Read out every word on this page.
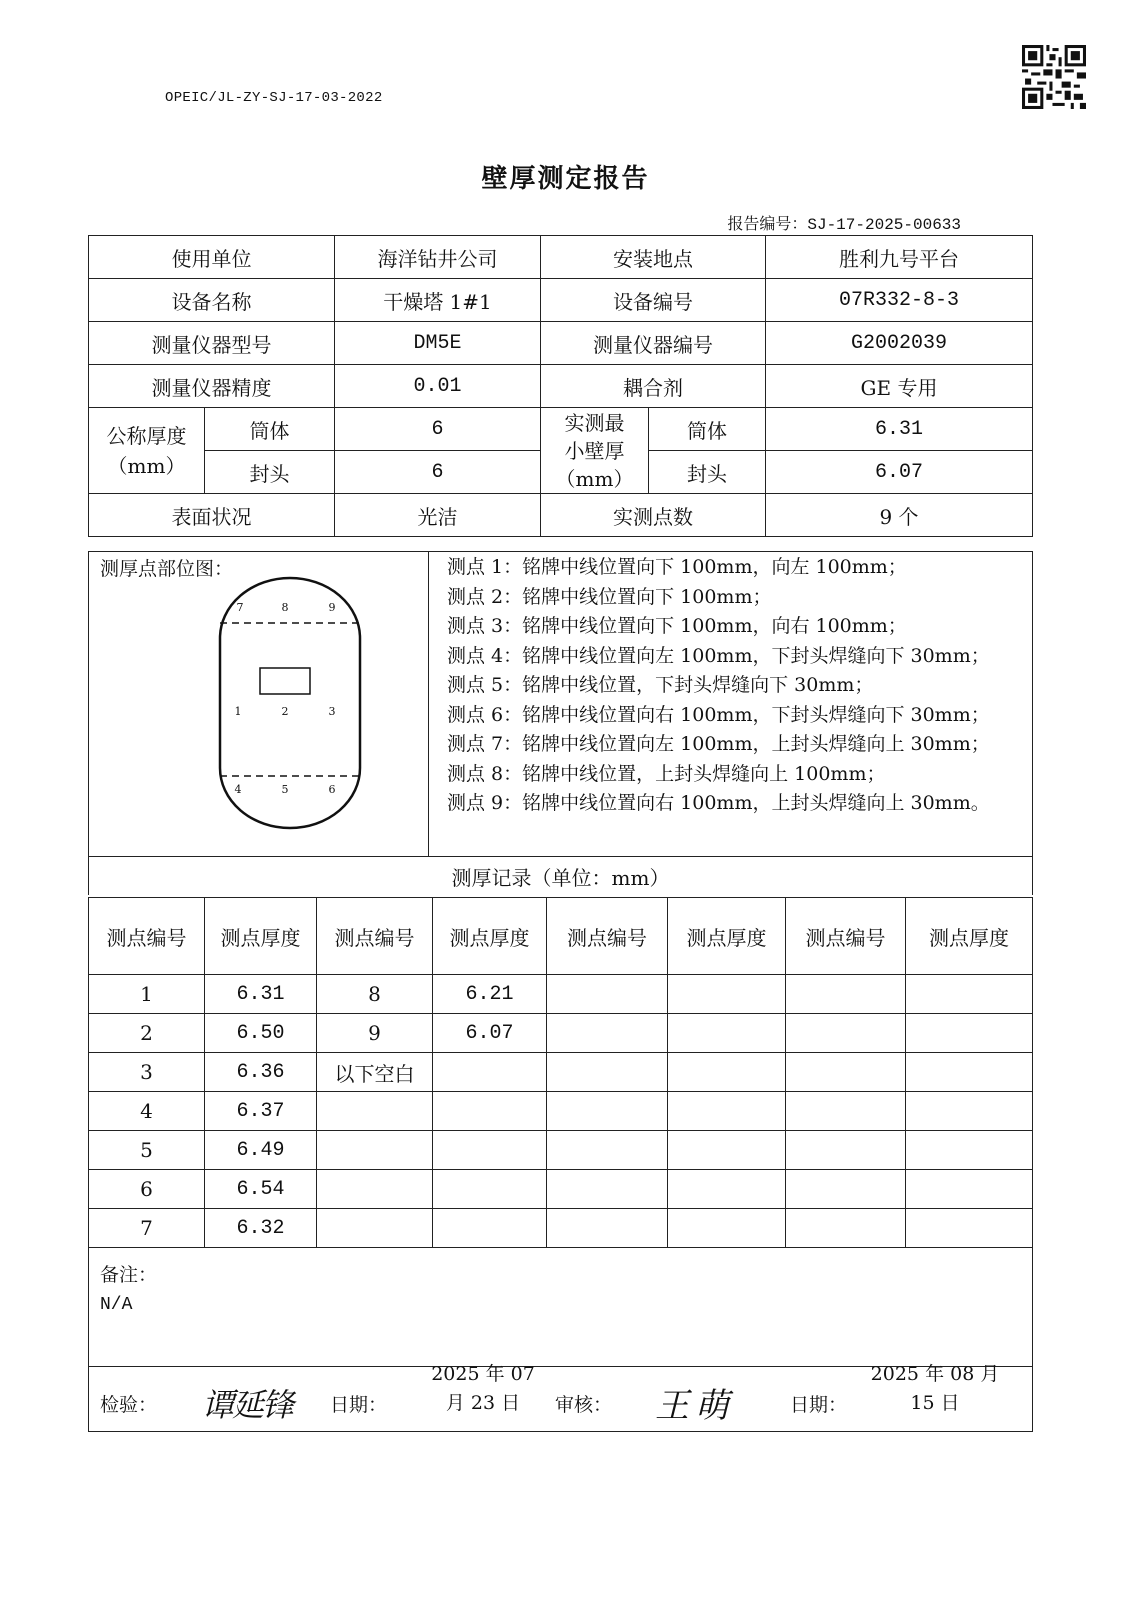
OPEIC/JL-ZY-SJ-17-03-2022
壁厚测定报告
报告编号：SJ-17-2025-00633
使用单位		海洋钻井公司	安装地点		胜利九号平台
设备名称		干燥塔 1#1	设备编号		07R332-8-3
测量仪器型号		DM5E	测量仪器编号		G2002039
测量仪器精度		0.01	耦合剂		GE 专用
公称厚度（mm）	筒体	6	实测最小壁厚（mm）	筒体	6.31
	封头	6		封头	6.07
表面状况		光洁	实测点数		9 个

测厚记录（单位：mm）
测厚点部位图：
7	8	9
1	2	3
4	5	6
测点 1：铭牌中线位置向下 100mm，向左 100mm；
测点 2：铭牌中线位置向下 100mm；
测点 3：铭牌中线位置向下 100mm，向右 100mm；
测点 4：铭牌中线位置向左 100mm，下封头焊缝向下 30mm；
测点 5：铭牌中线位置，下封头焊缝向下 30mm；
测点 6：铭牌中线位置向右 100mm，下封头焊缝向下 30mm；
测点 7：铭牌中线位置向左 100mm，上封头焊缝向上 30mm；
测点 8：铭牌中线位置，上封头焊缝向上 100mm；
测点 9：铭牌中线位置向右 100mm，上封头焊缝向上 30mm。
测点编号	测点厚度	测点编号	测点厚度	测点编号	测点厚度	测点编号	测点厚度
1	6.31	8	6.21				
2	6.50	9	6.07				
3	6.36	以下空白					
4	6.37						
5	6.49						
6	6.54						
7	6.32						

备注：
N/A
检验： 谭延锋 日期：
2025 年 07
月 23 日	审核： 王萌	日期：
2025 年 08 月
15 日
